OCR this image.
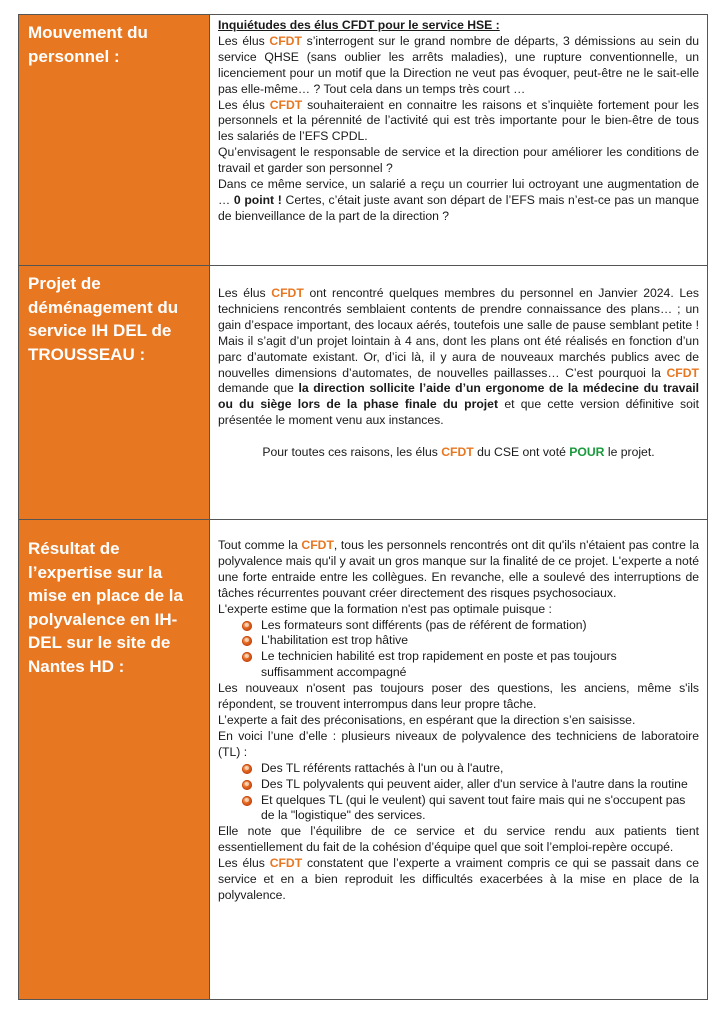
Mouvement du personnel :

Inquiétudes des élus CFDT pour le service HSE :

Les élus CFDT s’interrogent sur le grand nombre de départs, 3 démissions au sein du service QHSE (sans oublier les arrêts maladies), une rupture conventionnelle, un licenciement pour un motif que la Direction ne veut pas évoquer, peut-être ne le sait-elle pas elle-même… ? Tout cela dans un temps très court …

Les élus CFDT souhaiteraient en connaitre les raisons et s’inquiète fortement pour les personnels et la pérennité de l’activité qui est très importante pour le bien-être de tous les salariés de l’EFS CPDL.

Qu’envisagent le responsable de service et la direction pour améliorer les conditions de travail et garder son personnel ?

Dans ce même service, un salarié a reçu un courrier lui octroyant une augmentation de … 0 point ! Certes, c’était juste avant son départ de l’EFS mais n’est-ce pas un manque de bienveillance de la part de la direction ?

Projet de déménagement du service IH DEL de TROUSSEAU :

Les élus CFDT ont rencontré quelques membres du personnel en Janvier 2024. Les techniciens rencontrés semblaient contents de prendre connaissance des plans… ; un gain d’espace important, des locaux aérés, toutefois une salle de pause semblant petite ! Mais il s’agit d’un projet lointain à 4 ans, dont les plans ont été réalisés en fonction d’un parc d’automate existant. Or, d’ici là, il y aura de nouveaux marchés publics avec de nouvelles dimensions d’automates, de nouvelles paillasses… C’est pourquoi la CFDT demande que la direction sollicite l’aide d’un ergonome de la médecine du travail ou du siège lors de la phase finale du projet et que cette version définitive soit présentée le moment venu aux instances.

Pour toutes ces raisons, les élus CFDT du CSE ont voté POUR le projet.

Résultat de l’expertise sur la mise en place de la polyvalence en IH-DEL sur le site de Nantes HD :

Tout comme la CFDT, tous les personnels rencontrés ont dit qu'ils n'étaient pas contre la polyvalence mais qu'il y avait un gros manque sur la finalité de ce projet. L'experte a noté une forte entraide entre les collègues. En revanche, elle a soulevé des interruptions de tâches récurrentes pouvant créer directement des risques psychosociaux.

L'experte estime que la formation n'est pas optimale puisque :

Les formateurs sont différents (pas de référent de formation)
L’habilitation est trop hâtive
Le technicien habilité est trop rapidement en poste et pas toujours suffisamment accompagné

Les nouveaux n'osent pas toujours poser des questions, les anciens, même s'ils répondent, se trouvent interrompus dans leur propre tâche.

L’experte a fait des préconisations, en espérant que la direction s’en saisisse.

En voici l’une d’elle : plusieurs niveaux de polyvalence des techniciens de laboratoire (TL) :

Des TL référents rattachés à l'un ou à l'autre,
Des TL polyvalents qui peuvent aider, aller d'un service à l'autre dans la routine
Et quelques TL (qui le veulent) qui savent tout faire mais qui ne s'occupent pas de la "logistique" des services.

Elle note que l’équilibre de ce service et du service rendu aux patients tient essentiellement du fait de la cohésion d’équipe quel que soit l’emploi-repère occupé.

Les élus CFDT constatent que l’experte a vraiment compris ce qui se passait dans ce service et en a bien reproduit les difficultés exacerbées à la mise en place de la polyvalence.
